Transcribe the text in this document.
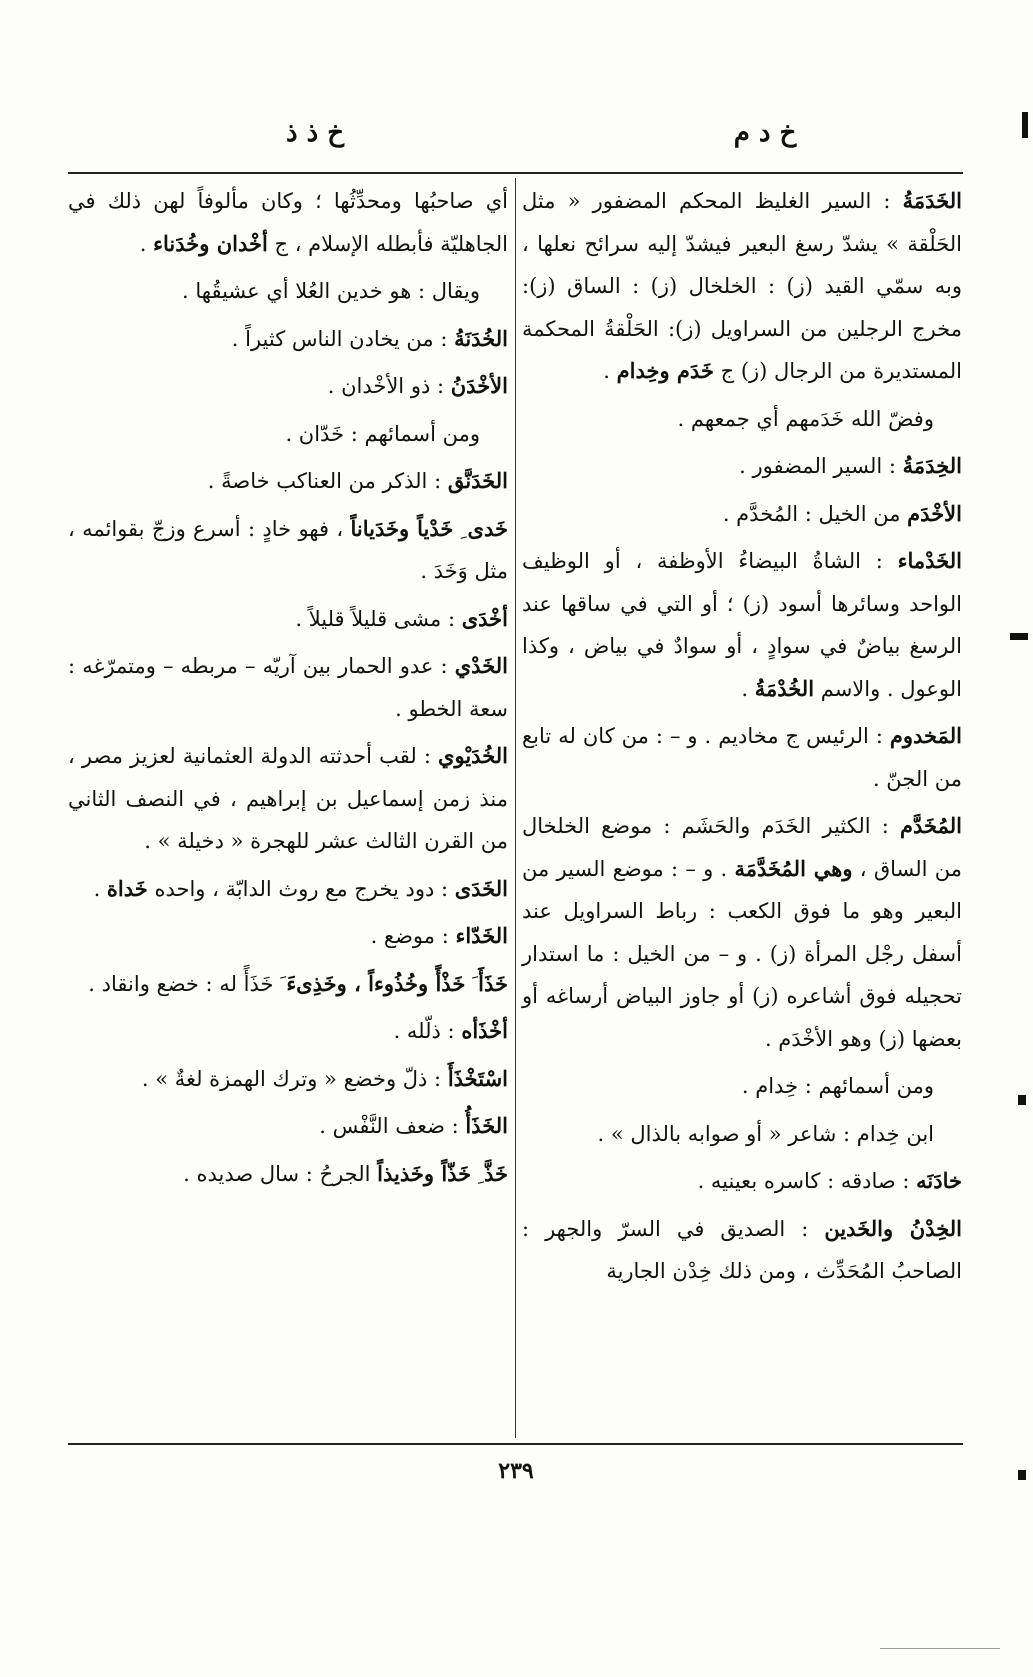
خ د م
خ ذ ذ
الخَدَمَةُ : السير الغليظ المحكم المضفور « مثل الحَلْقة » يشدّ رسغ البعير فيشدّ إليه سرائح نعلها ، وبه سمّي القيد (ز) : الخلخال (ز) : الساق (ز): مخرج الرجلين من السراويل (ز): الحَلْقةُ المحكمة المستديرة من الرجال (ز) ج خَدَم وخِدام .
وفضّ الله خَدَمهم أي جمعهم .
الخِدَمَةُ : السير المضفور .
الأخْدَم من الخيل : المُخدَّم .
الخَدْماء : الشاةُ البيضاءُ الأوظفة ، أو الوظيف الواحد وسائرها أسود (ز) ؛ أو التي في ساقها عند الرسغ بياضٌ في سوادٍ ، أو سوادٌ في بياض ، وكذا الوعول . والاسم الخُدْمَةُ .
المَخدوم : الرئيس ج مخاديم . و – : من كان له تابع من الجنّ .
المُخَدَّم : الكثير الخَدَم والحَشَم : موضع الخلخال من الساق ، وهي المُخَدَّمَة . و – : موضع السير من البعير وهو ما فوق الكعب : رباط السراويل عند أسفل رجْل المرأة (ز) . و – من الخيل : ما استدار تحجيله فوق أشاعره (ز) أو جاوز البياض أرساغه أو بعضها (ز) وهو الأخْدَم .
ومن أسمائهم : خِدام .
ابن خِدام : شاعر « أو صوابه بالذال » .
خادَنَه : صادقه : كاسره بعينيه .
الخِدْنُ والخَدين : الصديق في السرّ والجهر : الصاحبُ المُحَدِّث ، ومن ذلك خِدْن الجارية
أي صاحبُها ومحدِّثُها ؛ وكان مألوفاً لهن ذلك في الجاهليّة فأبطله الإسلام ، ج أخْدان وخُدَناء .
ويقال : هو خدين العُلا أي عشيقُها .
الخُدَنَةُ : من يخادن الناس كثيراً .
الأخْدَنُ : ذو الأخْدان .
ومن أسمائهم : خَدّان .
الخَدَنَّق : الذكر من العناكب خاصةً .
خَدى ِ خَدْياً وخَدَياناً ، فهو خادٍ : أسرع وزجّ بقوائمه ، مثل وَخَدَ .
أخْدَى : مشى قليلاً قليلاً .
الخَدْي : عدو الحمار بين آريّه – مربطه – ومتمرّغه : سعة الخطو .
الخُدَيْوي : لقب أحدثته الدولة العثمانية لعزيز مصر ، منذ زمن إسماعيل بن إبراهيم ، في النصف الثاني من القرن الثالث عشر للهجرة « دخيلة » .
الخَدَى : دود يخرج مع روث الدابّة ، واحده خَداة .
الخَدّاء : موضع .
خَذَأَ َ خَذْأً وخُذُوءاً ، وخَذِىءَ َ خَذَأً له : خضع وانقاد .
أخْذَأه : ذلّله .
اسْتَخْذَأَ : ذلّ وخضع « وترك الهمزة لغةٌ » .
الخَذَأُ : ضعف النَّفْس .
خَذَّ ِ خَذّاً وخَذيذاً الجرحُ : سال صديده .
٢٣٩
